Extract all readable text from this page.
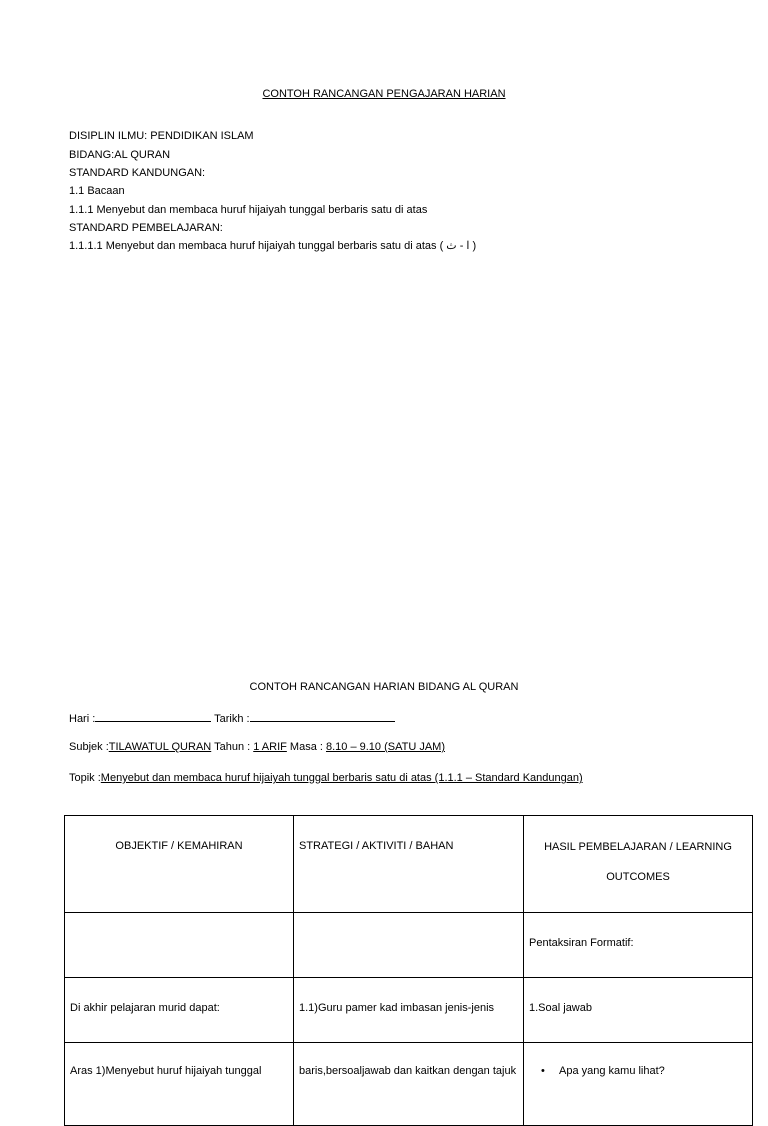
CONTOH RANCANGAN PENGAJARAN HARIAN
DISIPLIN ILMU: PENDIDIKAN ISLAM
BIDANG:AL QURAN
STANDARD KANDUNGAN:
1.1 Bacaan
1.1.1 Menyebut dan membaca huruf hijaiyah tunggal berbaris satu di atas
STANDARD PEMBELAJARAN:
1.1.1.1 Menyebut dan membaca huruf hijaiyah tunggal berbaris satu di atas ( ا - ث )
CONTOH RANCANGAN HARIAN BIDANG AL QURAN
Hari :	Tarikh :
Subjek :TILAWATUL QURAN Tahun : 1 ARIF Masa : 8.10 – 9.10 (SATU JAM)
Topik :Menyebut dan membaca huruf hijaiyah tunggal berbaris satu di atas (1.1.1 – Standard Kandungan)
OBJEKTIF / KEMAHIRAN	STRATEGI / AKTIVITI / BAHAN	HASIL PEMBELAJARAN / LEARNING
OUTCOMES

		Pentaksiran Formatif:
Di akhir pelajaran murid dapat:	1.1)Guru pamer kad imbasan jenis-jenis	1.Soal jawab
Aras 1)Menyebut huruf hijaiyah tunggal	baris,bersoaljawab dan kaitkan dengan tajuk	• Apa yang kamu lihat?
